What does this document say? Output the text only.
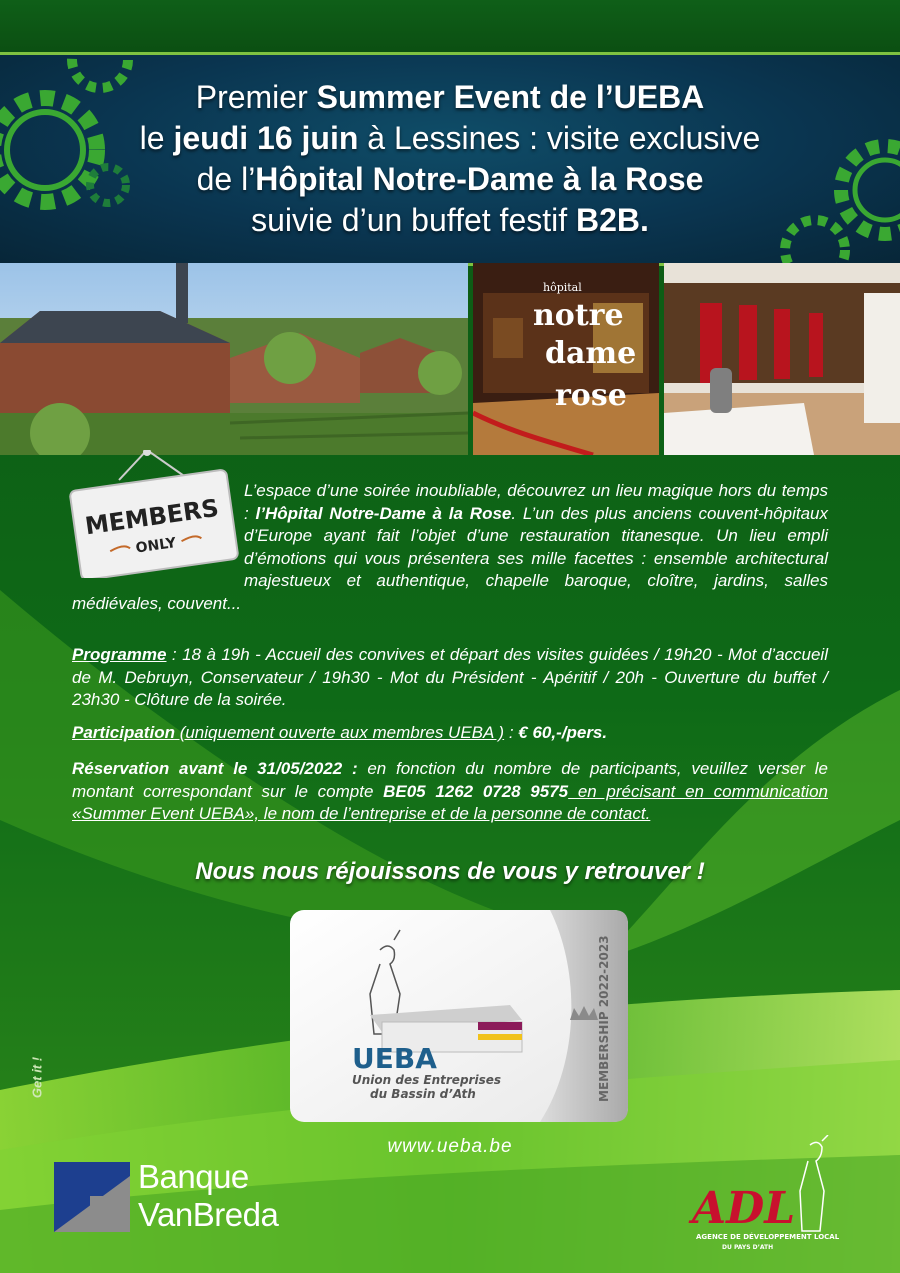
Premier Summer Event de l’UEBA
le jeudi 16 juin à Lessines : visite exclusive
de l’Hôpital Notre-Dame à la Rose
suivie d’un buffet festif B2B.
hôpital
notre
dame
rose
MEMBERS
ONLY
L’espace d’une soirée inoubliable, découvrez un lieu magique hors du temps : l’Hôpital Notre-Dame à la Rose. L’un des plus anciens couvent-hôpitaux d’Europe ayant fait l’objet d’une restauration titanesque. Un lieu empli d’émotions qui vous présentera ses mille facettes : ensemble architectural majestueux et authentique, chapelle baroque, cloître, jardins, salles médiévales, couvent...
Programme : 18 à 19h - Accueil des convives et départ des visites guidées / 19h20 - Mot d’accueil de M. Debruyn, Conservateur / 19h30 - Mot du Président - Apéritif / 20h - Ouverture du buffet / 23h30 - Clôture de la soirée.
Participation (uniquement ouverte aux membres UEBA ) : € 60,-/pers.
Réservation avant le 31/05/2022 : en fonction du nombre de participants, veuillez verser le montant correspondant sur le compte BE05 1262 0728 9575 en précisant en communication «Summer Event UEBA», le nom de l’entreprise et de la personne de contact.
Nous nous réjouissons de vous y retrouver !
UEBA
Union des Entreprises
du Bassin d’Ath	MEMBERSHIP 2022-2023
www.ueba.be
Get it !
Banque
VanBreda	ADL
AGENCE DE DÉVELOPPEMENT LOCAL
DU PAYS D’ATH
